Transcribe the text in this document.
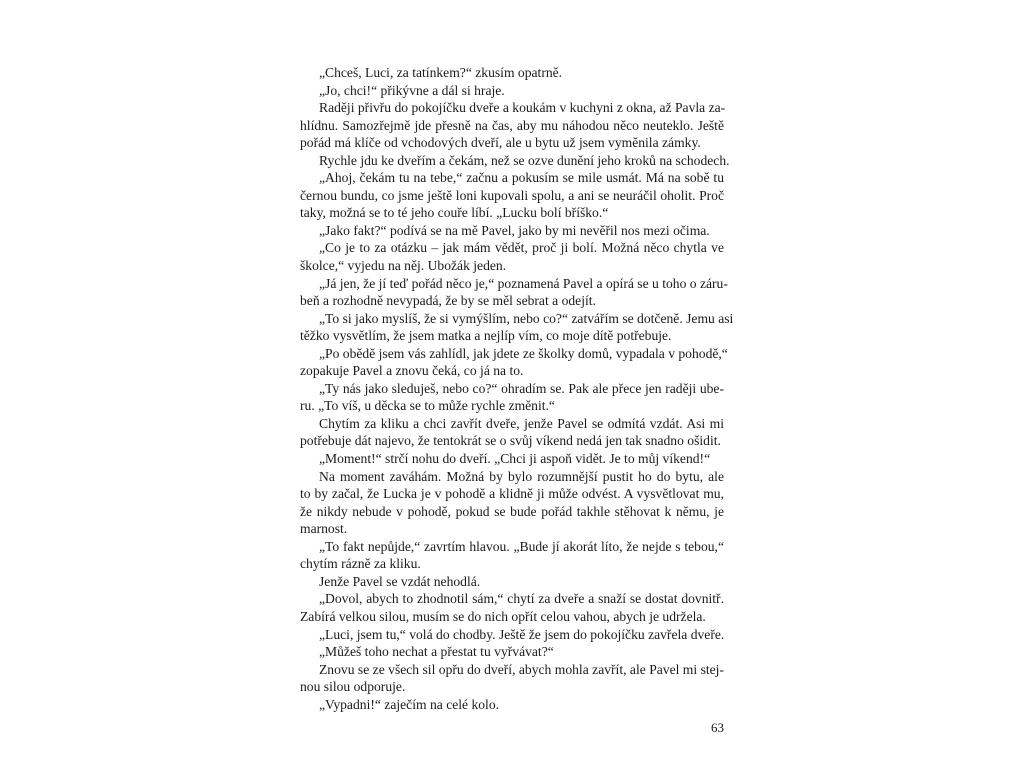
„Chceš, Luci, za tatínkem?“ zkusím opatrně.
„Jo, chci!“ přikývne a dál si hraje.
Raději přivřu do pokojíčku dveře a koukám v kuchyni z okna, až Pavla za-
hlídnu. Samozřejmě jde přesně na čas, aby mu náhodou něco neuteklo. Ještě
pořád má klíče od vchodových dveří, ale u bytu už jsem vyměnila zámky.
Rychle jdu ke dveřím a čekám, než se ozve dunění jeho kroků na schodech.
„Ahoj, čekám tu na tebe,“ začnu a pokusím se mile usmát. Má na sobě tu
černou bundu, co jsme ještě loni kupovali spolu, a ani se neuráčil oholit. Proč
taky, možná se to té jeho couře líbí. „Lucku bolí bříško.“
„Jako fakt?“ podívá se na mě Pavel, jako by mi nevěřil nos mezi očima.
„Co je to za otázku – jak mám vědět, proč ji bolí. Možná něco chytla ve
školce,“ vyjedu na něj. Ubožák jeden.
„Já jen, že jí teď pořád něco je,“ poznamená Pavel a opírá se u toho o záru-
beň a rozhodně nevypadá, že by se měl sebrat a odejít.
„To si jako myslíš, že si vymýšlím, nebo co?“ zatvářím se dotčeně. Jemu asi
těžko vysvětlím, že jsem matka a nejlíp vím, co moje dítě potřebuje.
„Po obědě jsem vás zahlídl, jak jdete ze školky domů, vypadala v pohodě,“
zopakuje Pavel a znovu čeká, co já na to.
„Ty nás jako sleduješ, nebo co?“ ohradím se. Pak ale přece jen raději ube-
ru. „To víš, u děcka se to může rychle změnit.“
Chytím za kliku a chci zavřít dveře, jenže Pavel se odmítá vzdát. Asi mi
potřebuje dát najevo, že tentokrát se o svůj víkend nedá jen tak snadno ošidit.
„Moment!“ strčí nohu do dveří. „Chci ji aspoň vidět. Je to můj víkend!“
Na moment zaváhám. Možná by bylo rozumnější pustit ho do bytu, ale
to by začal, že Lucka je v pohodě a klidně ji může odvést. A vysvětlovat mu,
že nikdy nebude v pohodě, pokud se bude pořád takhle stěhovat k němu, je
marnost.
„To fakt nepůjde,“ zavrtím hlavou. „Bude jí akorát líto, že nejde s tebou,“
chytím rázně za kliku.
Jenže Pavel se vzdát nehodlá.
„Dovol, abych to zhodnotil sám,“ chytí za dveře a snaží se dostat dovnitř.
Zabírá velkou silou, musím se do nich opřít celou vahou, abych je udržela.
„Luci, jsem tu,“ volá do chodby. Ještě že jsem do pokojíčku zavřela dveře.
„Můžeš toho nechat a přestat tu vyřvávat?“
Znovu se ze všech sil opřu do dveří, abych mohla zavřít, ale Pavel mi stej-
nou silou odporuje.
„Vypadni!“ zaječím na celé kolo.
63
